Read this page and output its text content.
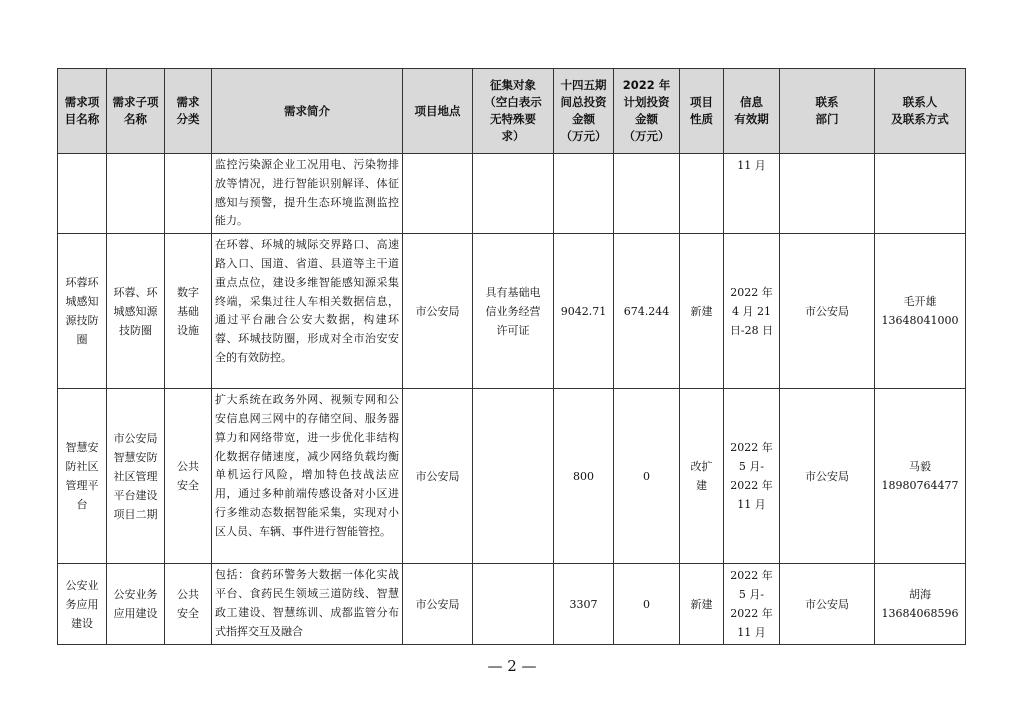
需求项
目名称	需求子项
名称	需求
分类	需求简介	项目地点	征集对象
（空白表示
无特殊要
求）	十四五期
间总投资
金额
（万元）	2022 年
计划投资
金额
（万元）	项目
性质	信息
有效期	联系
部门	联系人
及联系方式
			监控污染源企业工况用电、污染物排放等情况，进行智能识别解译、体征感知与预警，提升生态环境监测监控能力。						11 月		
环蓉环
城感知
源技防
圈	环蓉、环
城感知源
技防圈	数字
基础
设施	在环蓉、环城的城际交界路口、高速路入口、国道、省道、县道等主干道重点点位，建设多维智能感知源采集终端，采集过往人车相关数据信息，通过平台融合公安大数据，构建环蓉、环城技防圈，形成对全市治安安全的有效防控。	市公安局	具有基础电
信业务经营
许可证	9042.71	674.244	新建	2022 年
4 月 21
日-28 日	市公安局	毛开雄
13648041000
智慧安
防社区
管理平
台	市公安局
智慧安防
社区管理
平台建设
项目二期	公共
安全	扩大系统在政务外网、视频专网和公安信息网三网中的存储空间、服务器算力和网络带宽，进一步优化非结构化数据存储速度，减少网络负载均衡单机运行风险，增加特色技战法应用，通过多种前端传感设备对小区进行多维动态数据智能采集，实现对小区人员、车辆、事件进行智能管控。	市公安局		800	0	改扩
建	2022 年
5 月-
2022 年
11 月	市公安局	马毅
18980764477
公安业
务应用
建设	公安业务
应用建设	公共
安全	包括：食药环警务大数据一体化实战平台、食药民生领域三道防线、智慧政工建设、智慧练训、成都监管分布式指挥交互及融合	市公安局		3307	0	新建	2022 年
5 月-
2022 年
11 月	市公安局	胡海
13684068596
— 2 —
